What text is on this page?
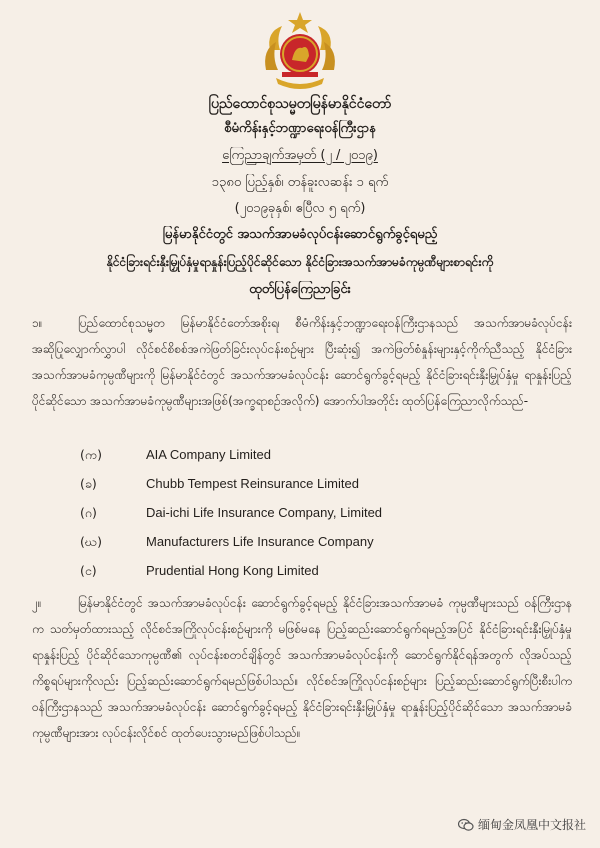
ပြည်ထောင်စုသမ္မတမြန်မာနိုင်ငံတော်
စီမံကိန်းနှင့်ဘဏ္ဍာရေးဝန်ကြီးဌာန
ကြေညာချက်အမှတ် (၂ / ၂၀၁၉)
၁၃၈၀ ပြည့်နှစ်၊ တန်ခူးလဆန်း ၁ ရက်
(၂၀၁၉ခုနှစ်၊ ဧပြီလ ၅ ရက်)
မြန်မာနိုင်ငံတွင် အသက်အာမခံလုပ်ငန်းဆောင်ရွက်ခွင့်ရမည့်
နိုင်ငံခြားရင်းနှီးမြှုပ်နှံမှုရာနှုန်းပြည့်ပိုင်ဆိုင်သော နိုင်ငံခြားအသက်အာမခံကုမ္ပဏီများစာရင်းကို
ထုတ်ပြန်ကြေညာခြင်း
၁။	ပြည်ထောင်စုသမ္မတ မြန်မာနိုင်ငံတော်အစိုးရ၊ စီမံကိန်းနှင့်ဘဏ္ဍာရေးဝန်ကြီးဌာနသည် အသက်အာမခံလုပ်ငန်း အဆိုပြုလျှောက်လွှာပါ လိုင်စင်စိစစ်အကဲဖြတ်ခြင်းလုပ်ငန်းစဉ်များ ပြီးဆုံး၍ အကဲဖြတ်စံနှုန်းများနှင့်ကိုက်ညီသည့် နိုင်ငံခြားအသက်အာမခံကုမ္ပဏီများကို မြန်မာနိုင်ငံတွင် အသက်အာမခံလုပ်ငန်း ဆောင်ရွက်ခွင့်ရမည့် နိုင်ငံခြားရင်းနှီးမြှုပ်နှံမှု ရာနှုန်းပြည့်ပိုင်ဆိုင်သော အသက်အာမခံကုမ္ပဏီများအဖြစ်(အက္ခရာစဉ်အလိုက်) အောက်ပါအတိုင်း ထုတ်ပြန်ကြေညာလိုက်သည်-
(က)	AIA Company Limited
(ခ)	Chubb Tempest Reinsurance Limited
(ဂ)	Dai-ichi Life Insurance Company, Limited
(ဃ)	Manufacturers Life Insurance Company
(င)	Prudential Hong Kong Limited
၂။	မြန်မာနိုင်ငံတွင် အသက်အာမခံလုပ်ငန်း ဆောင်ရွက်ခွင့်ရမည့် နိုင်ငံခြားအသက်အာမခံ ကုမ္ပဏီများသည် ဝန်ကြီးဌာနက သတ်မှတ်ထားသည့် လိုင်စင်အကြိုလုပ်ငန်းစဉ်များကို မဖြစ်မနေ ပြည့်ဆည်းဆောင်ရွက်ရမည့်အပြင် နိုင်ငံခြားရင်းနှီးမြှုပ်နှံမှု ရာနှုန်းပြည့် ပိုင်ဆိုင်သောကုမ္ပဏီ၏ လုပ်ငန်းစတင်ချိန်တွင် အသက်အာမခံလုပ်ငန်းကို ဆောင်ရွက်နိုင်ရန်အတွက် လိုအပ်သည့်ကိစ္စရပ်များကိုလည်း ပြည့်ဆည်းဆောင်ရွက်ရမည်ဖြစ်ပါသည်။ လိုင်စင်အကြိုလုပ်ငန်းစဉ်များ ပြည့်ဆည်းဆောင်ရွက်ပြီးစီးပါက ဝန်ကြီးဌာနသည် အသက်အာမခံလုပ်ငန်း ဆောင်ရွက်ခွင့်ရမည့် နိုင်ငံခြားရင်းနှီးမြှုပ်နှံမှု ရာနှုန်းပြည့်ပိုင်ဆိုင်သော အသက်အာမခံကုမ္ပဏီများအား လုပ်ငန်းလိုင်စင် ထုတ်ပေးသွားမည်ဖြစ်ပါသည်။
缅甸金凤凰中文报社
